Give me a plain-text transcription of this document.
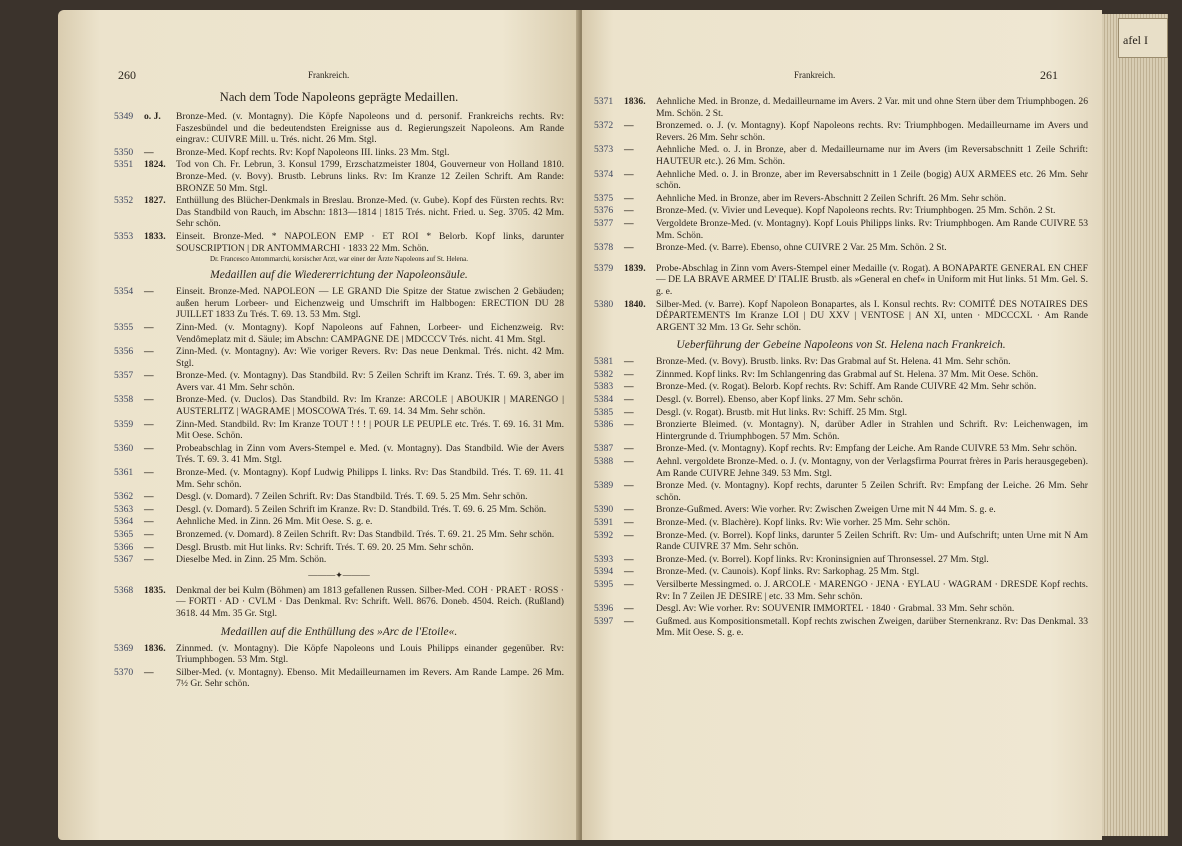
260	Frankreich.
Nach dem Tode Napoleons geprägte Medaillen.
5349	o. J.	Bronze-Med. (v. Montagny). Die Köpfe Napoleons und d. personif. Frankreichs rechts. Rv: Faszesbündel und die bedeutendsten Ereignisse aus d. Regierungszeit Napoleons. Am Rande eingrav.: CUIVRE Mill. u. Trés. nicht. 26 Mm. Stgl.
5350	—	Bronze-Med. Kopf rechts. Rv: Kopf Napoleons III. links. 23 Mm. Stgl.
5351	1824.	Tod von Ch. Fr. Lebrun, 3. Konsul 1799, Erzschatzmeister 1804, Gouverneur von Holland 1810. Bronze-Med. (v. Bovy). Brustb. Lebruns links. Rv: Im Kranze 12 Zeilen Schrift. Am Rande: BRONZE 50 Mm. Stgl.
5352	1827.	Enthüllung des Blücher-Denkmals in Breslau. Bronze-Med. (v. Gube). Kopf des Fürsten rechts. Rv: Das Standbild von Rauch, im Abschn: 1813—1814 | 1815 Trés. nicht. Fried. u. Seg. 3705. 42 Mm. Sehr schön.
5353	1833.	Einseit. Bronze-Med. * NAPOLEON EMP · ET ROI * Belorb. Kopf links, darunter SOUSCRIPTION | DR ANTOMMARCHI · 1833 22 Mm. Schön.
Dr. Francesco Antommarchi, korsischer Arzt, war einer der Ärzte Napoleons auf St. Helena.
Medaillen auf die Wiedererrichtung der Napoleonsäule.
5354	—	Einseit. Bronze-Med. NAPOLEON — LE GRAND Die Spitze der Statue zwischen 2 Gebäuden; außen herum Lorbeer- und Eichenzweig und Umschrift im Halbbogen: ERECTION DU 28 JUILLET 1833 Zu Trés. T. 69. 13. 53 Mm. Stgl.
5355	—	Zinn-Med. (v. Montagny). Kopf Napoleons auf Fahnen, Lorbeer- und Eichenzweig. Rv: Vendômeplatz mit d. Säule; im Abschn: CAMPAGNE DE | MDCCCV Trés. nicht. 41 Mm. Stgl.
5356	—	Zinn-Med. (v. Montagny). Av: Wie voriger Revers. Rv: Das neue Denkmal. Trés. nicht. 42 Mm. Stgl.
5357	—	Bronze-Med. (v. Montagny). Das Standbild. Rv: 5 Zeilen Schrift im Kranz. Trés. T. 69. 3, aber im Avers var. 41 Mm. Sehr schön.
5358	—	Bronze-Med. (v. Duclos). Das Standbild. Rv: Im Kranze: ARCOLE | ABOUKIR | MARENGO | AUSTERLITZ | WAGRAME | MOSCOWA Trés. T. 69. 14. 34 Mm. Sehr schön.
5359	—	Zinn-Med. Standbild. Rv: Im Kranze TOUT ! ! ! | POUR LE PEUPLE etc. Trés. T. 69. 16. 31 Mm. Mit Oese. Schön.
5360	—	Probeabschlag in Zinn vom Avers-Stempel e. Med. (v. Montagny). Das Standbild. Wie der Avers Trés. T. 69. 3. 41 Mm. Stgl.
5361	—	Bronze-Med. (v. Montagny). Kopf Ludwig Philipps I. links. Rv: Das Standbild. Trés. T. 69. 11. 41 Mm. Sehr schön.
5362	—	Desgl. (v. Domard). 7 Zeilen Schrift. Rv: Das Standbild. Trés. T. 69. 5. 25 Mm. Sehr schön.
5363	—	Desgl. (v. Domard). 5 Zeilen Schrift im Kranze. Rv: D. Standbild. Trés. T. 69. 6. 25 Mm. Schön.
5364	—	Aehnliche Med. in Zinn. 26 Mm. Mit Oese. S. g. e.
5365	—	Bronzemed. (v. Domard). 8 Zeilen Schrift. Rv: Das Standbild. Trés. T. 69. 21. 25 Mm. Sehr schön.
5366	—	Desgl. Brustb. mit Hut links. Rv: Schrift. Trés. T. 69. 20. 25 Mm. Sehr schön.
5367	—	Dieselbe Med. in Zinn. 25 Mm. Schön.
———✦———
5368	1835.	Denkmal der bei Kulm (Böhmen) am 1813 gefallenen Russen. Silber-Med. COH · PRAET · ROSS · — FORTI · AD · CVLM · Das Denkmal. Rv: Schrift. Well. 8676. Doneb. 4504. Reich. (Rußland) 3618. 44 Mm. 35 Gr. Stgl.
Medaillen auf die Enthüllung des »Arc de l'Etoile«.
5369	1836.	Zinnmed. (v. Montagny). Die Köpfe Napoleons und Louis Philipps einander gegenüber. Rv: Triumphbogen. 53 Mm. Stgl.
5370	—	Silber-Med. (v. Montagny). Ebenso. Mit Medailleurnamen im Revers. Am Rande Lampe. 26 Mm. 7½ Gr. Sehr schön.
Frankreich.	261
5371	1836.	Aehnliche Med. in Bronze, d. Medailleurname im Avers. 2 Var. mit und ohne Stern über dem Triumphbogen. 26 Mm. Schön. 2 St.
5372	—	Bronzemed. o. J. (v. Montagny). Kopf Napoleons rechts. Rv: Triumphbogen. Medailleurname im Avers und Revers. 26 Mm. Sehr schön.
5373	—	Aehnliche Med. o. J. in Bronze, aber d. Medailleurname nur im Avers (im Reversabschnitt 1 Zeile Schrift: HAUTEUR etc.). 26 Mm. Schön.
5374	—	Aehnliche Med. o. J. in Bronze, aber im Reversabschnitt in 1 Zeile (bogig) AUX ARMEES etc. 26 Mm. Sehr schön.
5375	—	Aehnliche Med. in Bronze, aber im Revers-Abschnitt 2 Zeilen Schrift. 26 Mm. Sehr schön.
5376	—	Bronze-Med. (v. Vivier und Leveque). Kopf Napoleons rechts. Rv: Triumphbogen. 25 Mm. Schön. 2 St.
5377	—	Vergoldete Bronze-Med. (v. Montagny). Kopf Louis Philipps links. Rv: Triumphbogen. Am Rande CUIVRE 53 Mm. Schön.
5378	—	Bronze-Med. (v. Barre). Ebenso, ohne CUIVRE 2 Var. 25 Mm. Schön. 2 St.
5379	1839.	Probe-Abschlag in Zinn vom Avers-Stempel einer Medaille (v. Rogat). A BONAPARTE GENERAL EN CHEF — DE LA BRAVE ARMEE D' ITALIE Brustb. als »General en chef« in Uniform mit Hut links. 51 Mm. Gel. S. g. e.
5380	1840.	Silber-Med. (v. Barre). Kopf Napoleon Bonapartes, als I. Konsul rechts. Rv: COMITÉ DES NOTAIRES DES DÉPARTEMENTS Im Kranze LOI | DU XXV | VENTOSE | AN XI, unten · MDCCCXL · Am Rande ARGENT 32 Mm. 13 Gr. Sehr schön.
Ueberführung der Gebeine Napoleons von St. Helena nach Frankreich.
5381	—	Bronze-Med. (v. Bovy). Brustb. links. Rv: Das Grabmal auf St. Helena. 41 Mm. Sehr schön.
5382	—	Zinnmed. Kopf links. Rv: Im Schlangenring das Grabmal auf St. Helena. 37 Mm. Mit Oese. Schön.
5383	—	Bronze-Med. (v. Rogat). Belorb. Kopf rechts. Rv: Schiff. Am Rande CUIVRE 42 Mm. Sehr schön.
5384	—	Desgl. (v. Borrel). Ebenso, aber Kopf links. 27 Mm. Sehr schön.
5385	—	Desgl. (v. Rogat). Brustb. mit Hut links. Rv: Schiff. 25 Mm. Stgl.
5386	—	Bronzierte Bleimed. (v. Montagny). N, darüber Adler in Strahlen und Schrift. Rv: Leichenwagen, im Hintergrunde d. Triumphbogen. 57 Mm. Schön.
5387	—	Bronze-Med. (v. Montagny). Kopf rechts. Rv: Empfang der Leiche. Am Rande CUIVRE 53 Mm. Sehr schön.
5388	—	Aehnl. vergoldete Bronze-Med. o. J. (v. Montagny, von der Verlagsfirma Pourrat frères in Paris herausgegeben). Am Rande CUIVRE Jehne 349. 53 Mm. Stgl.
5389	—	Bronze Med. (v. Montagny). Kopf rechts, darunter 5 Zeilen Schrift. Rv: Empfang der Leiche. 26 Mm. Sehr schön.
5390	—	Bronze-Gußmed. Avers: Wie vorher. Rv: Zwischen Zweigen Urne mit N 44 Mm. S. g. e.
5391	—	Bronze-Med. (v. Blachère). Kopf links. Rv: Wie vorher. 25 Mm. Sehr schön.
5392	—	Bronze-Med. (v. Borrel). Kopf links, darunter 5 Zeilen Schrift. Rv: Um- und Aufschrift; unten Urne mit N Am Rande CUIVRE 37 Mm. Sehr schön.
5393	—	Bronze-Med. (v. Borrel). Kopf links. Rv: Kroninsignien auf Thronsessel. 27 Mm. Stgl.
5394	—	Bronze-Med. (v. Caunois). Kopf links. Rv: Sarkophag. 25 Mm. Stgl.
5395	—	Versilberte Messingmed. o. J. ARCOLE · MARENGO · JENA · EYLAU · WAGRAM · DRESDE Kopf rechts. Rv: In 7 Zeilen JE DESIRE | etc. 33 Mm. Sehr schön.
5396	—	Desgl. Av: Wie vorher. Rv: SOUVENIR IMMORTEL · 1840 · Grabmal. 33 Mm. Sehr schön.
5397	—	Gußmed. aus Kompositionsmetall. Kopf rechts zwischen Zweigen, darüber Sternenkranz. Rv: Das Denkmal. 33 Mm. Mit Oese. S. g. e.
afel I
